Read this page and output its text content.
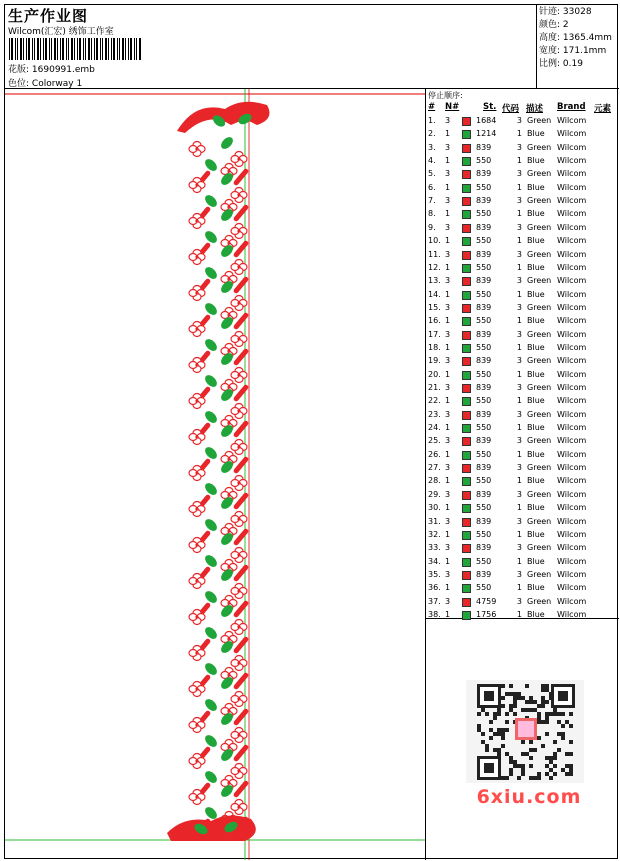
生产作业图
Wilcom(汇宏) 绣饰工作室
花版: 1690991.emb
色位: Colorway 1
针迹: 33028
颜色: 2
高度: 1365.4mm
宽度: 171.1mm
比例: 0.19
停止顺序:
# N#	St. 代码 描述 Brand 元素
1. 3	1684	3 Green Wilcom
2. 1	1214	1 Blue Wilcom
3. 3	839	3 Green Wilcom
4. 1	550	1 Blue Wilcom
5. 3	839	3 Green Wilcom
6. 1	550	1 Blue Wilcom
7. 3	839	3 Green Wilcom
8. 1	550	1 Blue Wilcom
9. 3	839	3 Green Wilcom
10. 1	550	1 Blue Wilcom
11. 3	839	3 Green Wilcom
12. 1	550	1 Blue Wilcom
13. 3	839	3 Green Wilcom
14. 1	550	1 Blue Wilcom
15. 3	839	3 Green Wilcom
16. 1	550	1 Blue Wilcom
17. 3	839	3 Green Wilcom
18. 1	550	1 Blue Wilcom
19. 3	839	3 Green Wilcom
20. 1	550	1 Blue Wilcom
21. 3	839	3 Green Wilcom
22. 1	550	1 Blue Wilcom
23. 3	839	3 Green Wilcom
24. 1	550	1 Blue Wilcom
25. 3	839	3 Green Wilcom
26. 1	550	1 Blue Wilcom
27. 3	839	3 Green Wilcom
28. 1	550	1 Blue Wilcom
29. 3	839	3 Green Wilcom
30. 1	550	1 Blue Wilcom
31. 3	839	3 Green Wilcom
32. 1	550	1 Blue Wilcom
33. 3	839	3 Green Wilcom
34. 1	550	1 Blue Wilcom
35. 3	839	3 Green Wilcom
36. 1	550	1 Blue Wilcom
37. 3	4759	3 Green Wilcom
38. 1	1756	1 Blue Wilcom
6xiu.com
